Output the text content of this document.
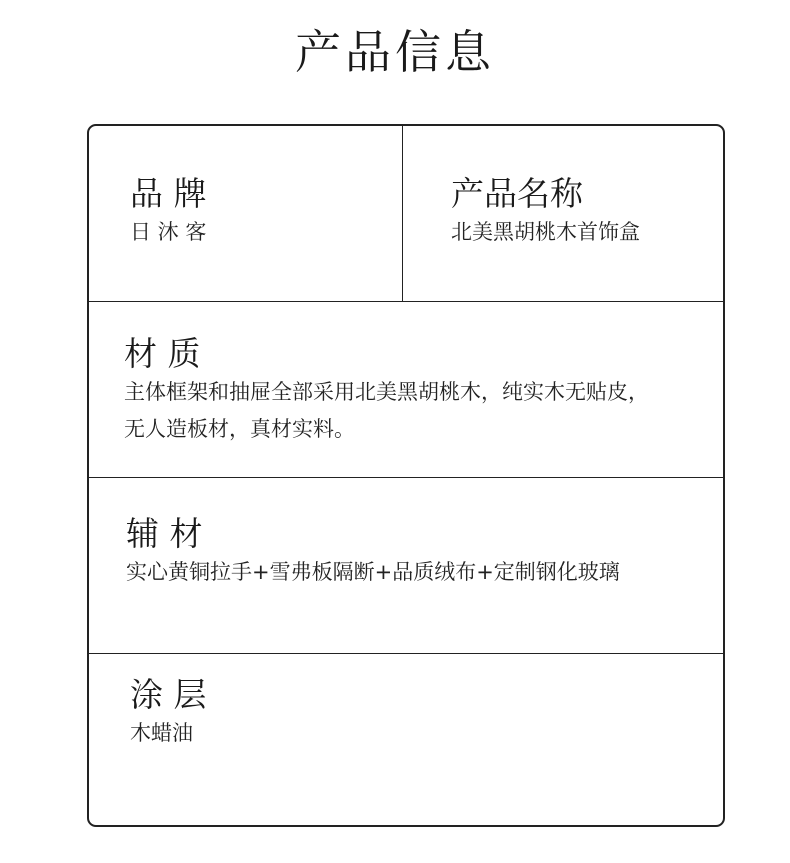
产品信息
品 牌
日 沐 客
产品名称
北美黑胡桃木首饰盒
材 质
主体框架和抽屉全部采用北美黑胡桃木，纯实木无贴皮，
无人造板材，真材实料。
辅 材
实心黄铜拉手+雪弗板隔断+品质绒布+定制钢化玻璃
涂 层
木蜡油
